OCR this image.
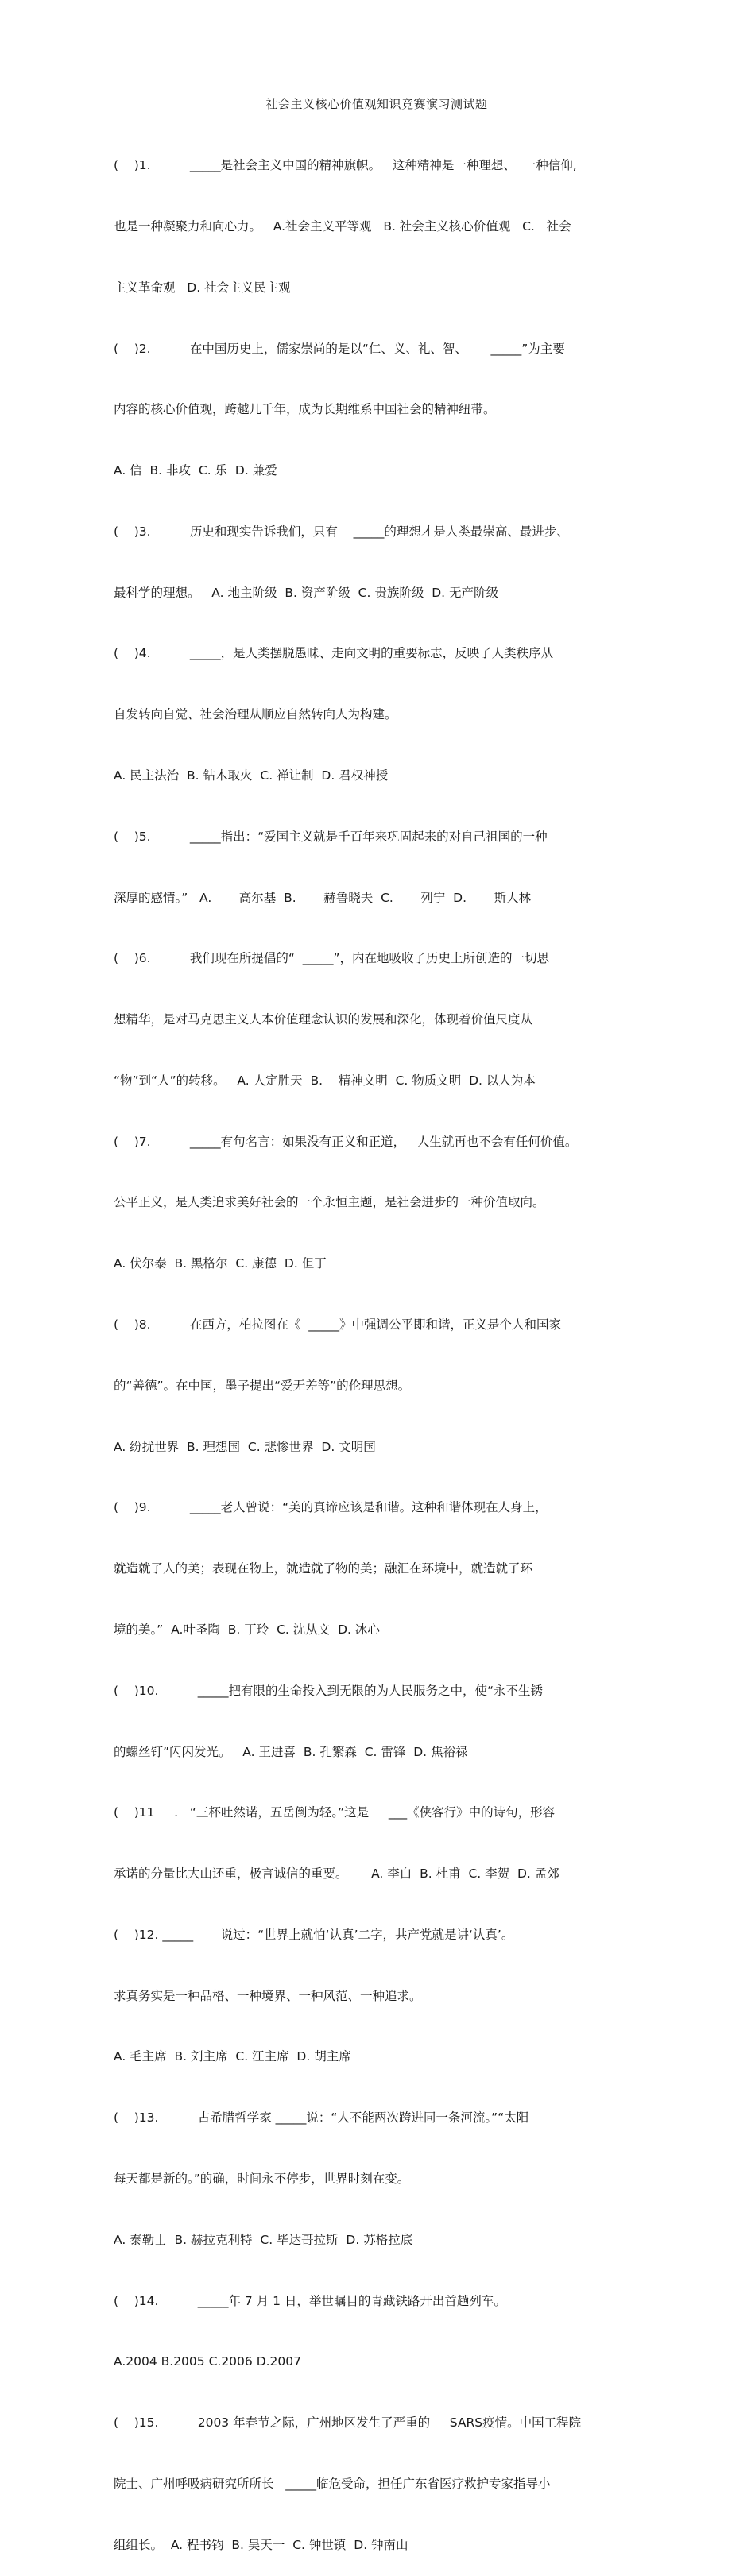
社会主义核心价值观知识竞赛演习测试题

(    )1.          _____是社会主义中国的精神旗帜。   这种精神是一种理想、  一种信仰,

也是一种凝聚力和向心力。   A.社会主义平等观   B. 社会主义核心价值观   C.   社会

主义革命观   D. 社会主义民主观

(    )2.          在中国历史上，儒家崇尚的是以“仁、义、礼、智、      _____”为主要

内容的核心价值观，跨越几千年，成为长期维系中国社会的精神纽带。

A. 信  B. 非攻  C. 乐  D. 兼爱

(    )3.          历史和现实告诉我们，只有    _____的理想才是人类最崇高、最进步、

最科学的理想。   A. 地主阶级  B. 资产阶级  C. 贵族阶级  D. 无产阶级

(    )4.          _____，是人类摆脱愚昧、走向文明的重要标志，反映了人类秩序从

自发转向自觉、社会治理从顺应自然转向人为构建。

A. 民主法治  B. 钻木取火  C. 禅让制  D. 君权神授

(    )5.          _____指出：“爱国主义就是千百年来巩固起来的对自己祖国的一种

深厚的感情。”   A.       高尔基  B.       赫鲁晓夫  C.       列宁  D.       斯大林

(    )6.          我们现在所提倡的“  _____”，内在地吸收了历史上所创造的一切思

想精华，是对马克思主义人本价值理念认识的发展和深化，体现着价值尺度从

“物”到“人”的转移。   A. 人定胜天  B.    精神文明  C. 物质文明  D. 以人为本

(    )7.          _____有句名言：如果没有正义和正道，   人生就再也不会有任何价值。

公平正义，是人类追求美好社会的一个永恒主题，是社会进步的一种价值取向。

A. 伏尔泰  B. 黑格尔  C. 康德  D. 但丁

(    )8.          在西方，柏拉图在《  _____》中强调公平即和谐，正义是个人和国家

的“善德”。在中国，墨子提出“爱无差等”的伦理思想。

A. 纷扰世界  B. 理想国  C. 悲惨世界  D. 文明国

(    )9.          _____老人曾说：“美的真谛应该是和谐。这种和谐体现在人身上，

就造就了人的美；表现在物上，就造就了物的美；融汇在环境中，就造就了环

境的美。”  A.叶圣陶  B. 丁玲  C. 沈从文  D. 冰心

(    )10.          _____把有限的生命投入到无限的为人民服务之中，使“永不生锈

的螺丝钉”闪闪发光。   A. 王进喜  B. 孔繁森  C. 雷锋  D. 焦裕禄

(    )11     .   “三杯吐然诺，五岳倒为轻。”这是     ___《侠客行》中的诗句，形容

承诺的分量比大山还重，极言诚信的重要。      A. 李白  B. 杜甫  C. 李贺  D. 孟郊

(    )12. _____       说过：“世界上就怕‘认真’二字，共产党就是讲‘认真’。

求真务实是一种品格、一种境界、一种风范、一种追求。

A. 毛主席  B. 刘主席  C. 江主席  D. 胡主席

(    )13.          古希腊哲学家 _____说：“人不能两次跨进同一条河流。”“太阳

每天都是新的。”的确，时间永不停步，世界时刻在变。

A. 泰勒士  B. 赫拉克利特  C. 毕达哥拉斯  D. 苏格拉底

(    )14.          _____年 7 月 1 日，举世瞩目的青藏铁路开出首趟列车。

A.2004 B.2005 C.2006 D.2007

(    )15.          2003 年春节之际，广州地区发生了严重的     SARS疫情。中国工程院

院士、广州呼吸病研究所所长   _____临危受命，担任广东省医疗救护专家指导小

组组长。  A. 程书钧  B. 吴天一  C. 钟世镇  D. 钟南山
